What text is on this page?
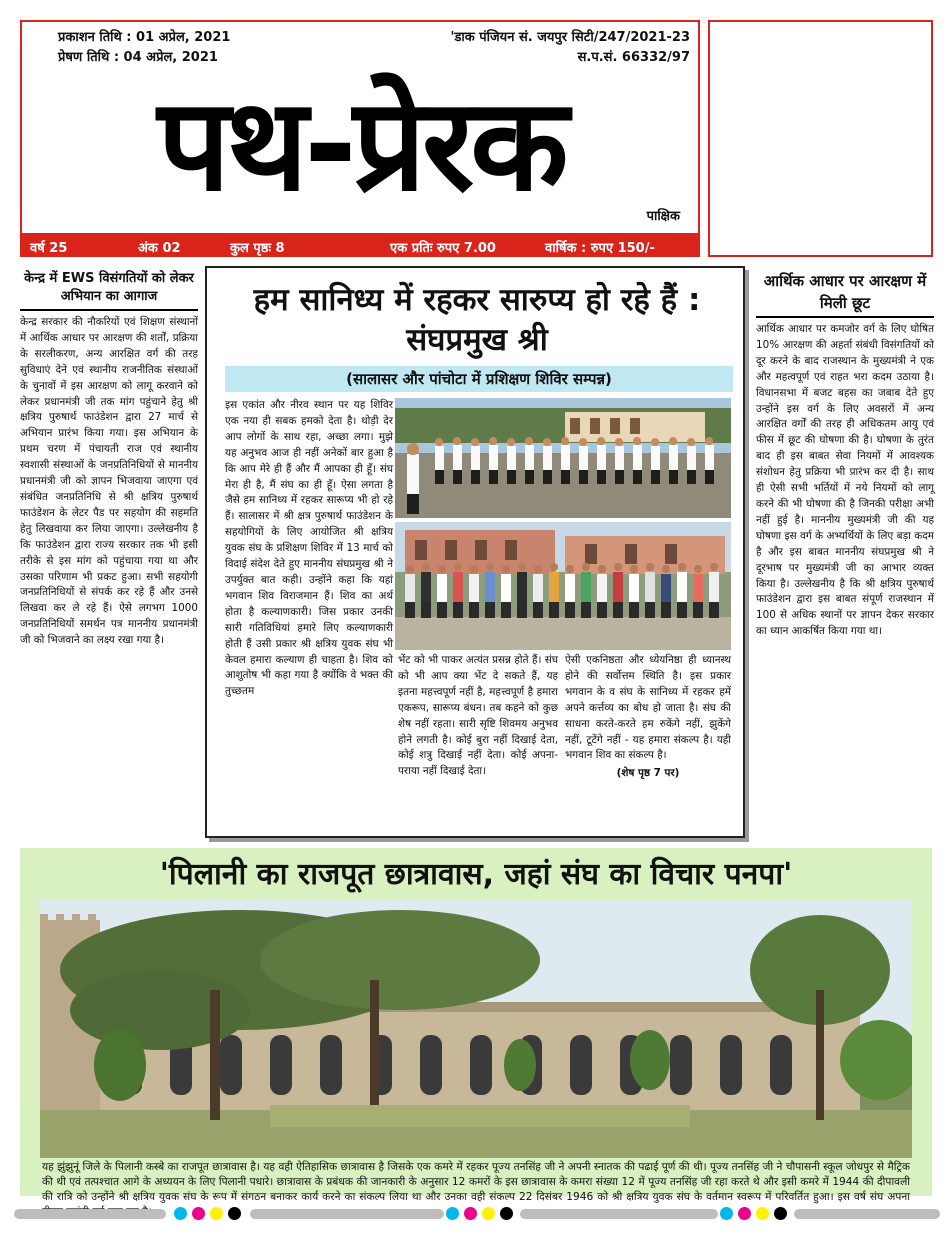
प्रकाशन तिथि : 01 अप्रेल, 2021
प्रेषण तिथि : 04 अप्रेल, 2021
'डाक पंजियन सं. जयपुर सिटी/247/2021-23
स.प.सं. 66332/97
पथ-प्रेरक	पाक्षिक
वर्ष 25	अंक 02	कुल पृष्ठः 8	एक प्रतिः रुपए 7.00	वार्षिक : रुपए 150/-
केन्द्र में EWS विसंगतियों को लेकर अभियान का आगाज

केन्द्र सरकार की नौकरियों एवं शिक्षण संस्थानों में आर्थिक आधार पर आरक्षण की शर्तों, प्रक्रिया के सरलीकरण, अन्य आरक्षित वर्ग की तरह सुविधाएं देने एवं स्थानीय राजनीतिक संस्थाओं के चुनावों में इस आरक्षण को लागू करवाने को लेकर प्रधानमंत्री जी तक मांग पहुंचाने हेतु श्री क्षत्रिय पुरुषार्थ फाउंडेशन द्वारा 27 मार्च से अभियान प्रारंभ किया गया। इस अभियान के प्रथम चरण में पंचायती राज एवं स्थानीय स्वशासी संस्थाओं के जनप्रतिनिधियों से माननीय प्रधानमंत्री जी को ज्ञापन भिजवाया जाएगा एवं संबंधित जनप्रतिनिधि से श्री क्षत्रिय पुरुषार्थ फाउंडेशन के लेटर पैड पर सहयोग की सहमति हेतु लिखवाया कर लिया जाएगा। उल्लेखनीय है कि फाउंडेशन द्वारा राज्य सरकार तक भी इसी तरीके से इस मांग को पहुंचाया गया था और उसका परिणाम भी प्रकट हुआ। सभी सहयोगी जनप्रतिनिधियों से संपर्क कर रहे हैं और उनसे लिखवा कर ले रहे हैं। ऐसे लगभग 1000 जनप्रतिनिधियों समर्थन पत्र माननीय प्रधानमंत्री जी को भिजवाने का लक्ष्य रखा गया है।

हम सानिध्य में रहकर सारुप्य हो रहे हैं : संघप्रमुख श्री
(सालासर और पांचोटा में प्रशिक्षण शिविर सम्पन्न)

इस एकांत और नीरव स्थान पर यह शिविर एक नया ही सबक हमको देता है। थोड़ी देर आप लोगों के साथ रहा, अच्छा लगा। मुझे यह अनुभव आज ही नहीं अनेकों बार हुआ है कि आप मेरे ही हैं और मैं आपका ही हूँ। संघ मेरा ही है, मैं संघ का ही हूँ। ऐसा लगता है जैसे हम सानिध्य में रहकर सारूप्य भी हो रहे हैं। सालासर में श्री क्षत्र पुरुषार्थ फाउंडेशन के सहयोगियों के लिए आयोजित श्री क्षत्रिय युवक संघ के प्रशिक्षण शिविर में 13 मार्च को विदाई संदेश देते हुए माननीय संघप्रमुख श्री ने उपर्युक्त बात कही। उन्होंने कहा कि यहां भगवान शिव विराजमान हैं। शिव का अर्थ होता है कल्याणकारी। जिस प्रकार उनकी सारी गतिविधियां हमारे लिए कल्याणकारी होती हैं उसी प्रकार श्री क्षत्रिय युवक संघ भी केवल हमारा कल्याण ही चाहता है। शिव को आशुतोष भी कहा गया है क्योंकि वे भक्त की तुच्छतम

भेंट को भी पाकर अत्यंत प्रसन्न होते हैं। संघ को भी आप क्या भेंट दे सकते हैं, यह इतना महत्त्वपूर्ण नहीं है, महत्त्वपूर्ण है हमारा एकरूप, सारूप्य बंधन। तब कहने को कुछ शेष नहीं रहता। सारी सृष्टि शिवमय अनुभव होने लगती है। कोई बुरा नहीं दिखाई देता, कोई शत्रु दिखाई नहीं देता। कोई अपना-पराया नहीं दिखाई देता।

ऐसी एकनिष्ठता और ध्येयनिष्ठा ही ध्यानस्थ होने की सर्वोत्तम स्थिति है। इस प्रकार भगवान के व संघ के सानिध्य में रहकर हमें अपने कर्त्तव्य का बोध हो जाता है। संघ की साधना करते-करते हम रुकेंगे नहीं, झुकेंगे नहीं, टूटेंगे नहीं - यह हमारा संकल्प है। यही भगवान शिव का संकल्प है।
(शेष पृष्ठ 7 पर)

आर्थिक आधार पर आरक्षण में मिली छूट

आर्थिक आधार पर कमजोर वर्ग के लिए घोषित 10% आरक्षण की अहर्ता संबंधी विसंगतियों को दूर करने के बाद राजस्थान के मुख्यमंत्री ने एक और महत्वपूर्ण एवं राहत भरा कदम उठाया है। विधानसभा में बजट बहस का जबाब देते हुए उन्होंने इस वर्ग के लिए अवसरों में अन्य आरक्षित वर्गों की तरह ही अधिकतम आयु एवं फीस में छूट की घोषणा की है। घोषणा के तुरंत बाद ही इस बाबत सेवा नियमों में आवश्यक संशोधन हेतु प्रक्रिया भी प्रारंभ कर दी है। साथ ही ऐसी सभी भर्तियों में नये नियमों को लागू करने की भी घोषणा की है जिनकी परीक्षा अभी नहीं हुई है। माननीय मुख्यमंत्री जी की यह घोषणा इस वर्ग के अभ्यर्थियों के लिए बड़ा कदम है और इस बाबत माननीय संघप्रमुख श्री ने दूरभाष पर मुख्यमंत्री जी का आभार व्यक्त किया है। उल्लेखनीय है कि श्री क्षत्रिय पुरुषार्थ फाउंडेशन द्वारा इस बाबत संपूर्ण राजस्थान में 100 से अधिक स्थानों पर ज्ञापन देकर सरकार का ध्यान आकर्षित किया गया था।

'पिलानी का राजपूत छात्रावास, जहां संघ का विचार पनपा'

यह झुंझुनूं जिले के पिलानी कस्बे का राजपूत छात्रावास है। यह वही ऐतिहासिक छात्रावास है जिसके एक कमरे में रहकर पूज्य तनसिंह जी ने अपनी स्नातक की पढाई पूर्ण की थी। पूज्य तनसिंह जी ने चौपासनी स्कूल जोधपुर से मैट्रिक की थी एवं तत्पश्चात आगे के अध्ययन के लिए पिलानी पधारे। छात्रावास के प्रबंधक की जानकारी के अनुसार 12 कमरों के इस छात्रावास के कमरा संख्या 12 में पूज्य तनसिंह जी रहा करते थे और इसी कमरे में 1944 की दीपावली की रात्रि को उन्होंने श्री क्षत्रिय युवक संघ के रूप में संगठन बनाकर कार्य करने का संकल्प लिया था और उनका वही संकल्प 22 दिसंबर 1946 को श्री क्षत्रिय युवक संघ के वर्तमान स्वरूप में परिवर्तित हुआ। इस वर्ष संघ अपना
